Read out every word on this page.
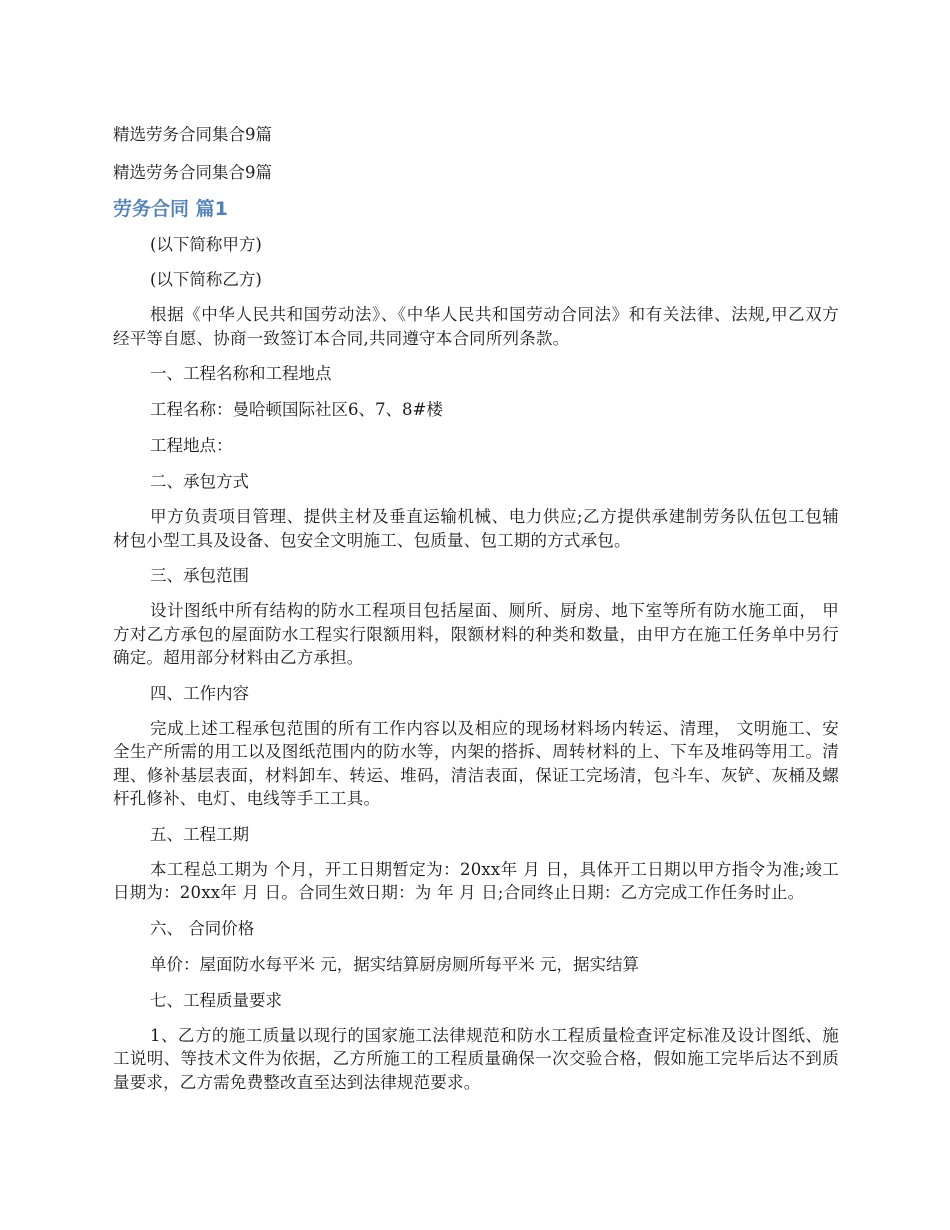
精选劳务合同集合9篇

精选劳务合同集合9篇

劳务合同 篇1

(以下简称甲方)

(以下简称乙方)

根据《中华人民共和国劳动法》、《中华人民共和国劳动合同法》和有关法律、法规,甲乙双方经平等自愿、协商一致签订本合同,共同遵守本合同所列条款。

一、工程名称和工程地点

工程名称：曼哈顿国际社区6、7、8#楼

工程地点：

二、承包方式

甲方负责项目管理、提供主材及垂直运输机械、电力供应;乙方提供承建制劳务队伍包工包辅材包小型工具及设备、包安全文明施工、包质量、包工期的方式承包。

三、承包范围

设计图纸中所有结构的防水工程项目包括屋面、厕所、厨房、地下室等所有防水施工面， 甲方对乙方承包的屋面防水工程实行限额用料，限额材料的种类和数量，由甲方在施工任务单中另行确定。超用部分材料由乙方承担。

四、工作内容

完成上述工程承包范围的所有工作内容以及相应的现场材料场内转运、清理， 文明施工、安全生产所需的用工以及图纸范围内的防水等，内架的搭拆、周转材料的上、下车及堆码等用工。清理、修补基层表面，材料卸车、转运、堆码，清洁表面，保证工完场清，包斗车、灰铲、灰桶及螺杆孔修补、电灯、电线等手工工具。

五、工程工期

本工程总工期为 个月，开工日期暂定为：20xx年 月 日，具体开工日期以甲方指令为准;竣工日期为：20xx年 月 日。合同生效日期：为 年 月 日;合同终止日期：乙方完成工作任务时止。

六、 合同价格

单价：屋面防水每平米 元，据实结算厨房厕所每平米 元，据实结算

七、工程质量要求

1、乙方的施工质量以现行的国家施工法律规范和防水工程质量检查评定标准及设计图纸、施工说明、等技术文件为依据，乙方所施工的工程质量确保一次交验合格，假如施工完毕后达不到质量要求，乙方需免费整改直至达到法律规范要求。
